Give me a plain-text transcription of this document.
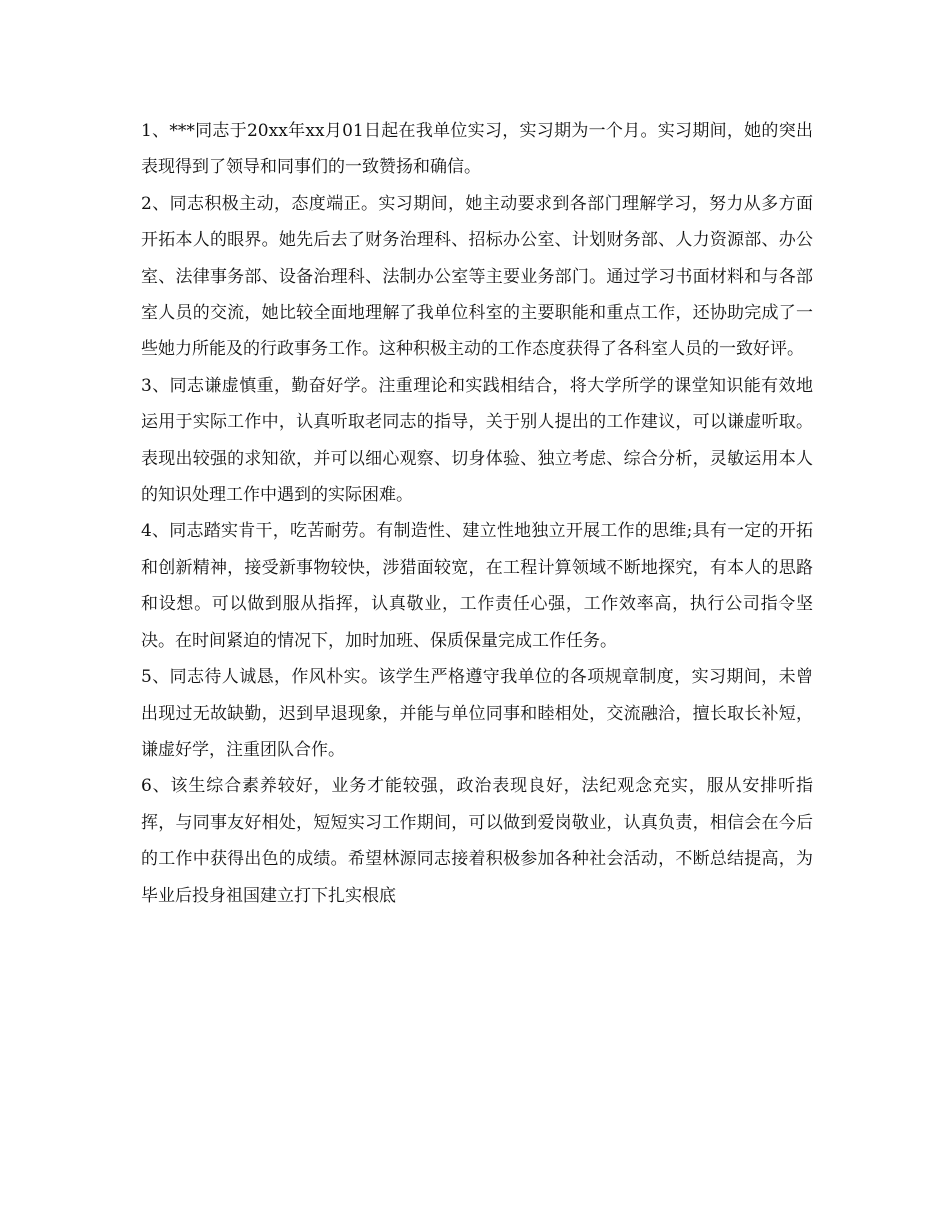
1、***同志于20xx年xx月01日起在我单位实习，实习期为一个月。实习期间，她的突出表现得到了领导和同事们的一致赞扬和确信。

2、同志积极主动，态度端正。实习期间，她主动要求到各部门理解学习，努力从多方面开拓本人的眼界。她先后去了财务治理科、招标办公室、计划财务部、人力资源部、办公室、法律事务部、设备治理科、法制办公室等主要业务部门。通过学习书面材料和与各部室人员的交流，她比较全面地理解了我单位科室的主要职能和重点工作，还协助完成了一些她力所能及的行政事务工作。这种积极主动的工作态度获得了各科室人员的一致好评。

3、同志谦虚慎重，勤奋好学。注重理论和实践相结合，将大学所学的课堂知识能有效地运用于实际工作中，认真听取老同志的指导，关于别人提出的工作建议，可以谦虚听取。表现出较强的求知欲，并可以细心观察、切身体验、独立考虑、综合分析，灵敏运用本人的知识处理工作中遇到的实际困难。

4、同志踏实肯干，吃苦耐劳。有制造性、建立性地独立开展工作的思维;具有一定的开拓和创新精神，接受新事物较快，涉猎面较宽，在工程计算领域不断地探究，有本人的思路和设想。可以做到服从指挥，认真敬业，工作责任心强，工作效率高，执行公司指令坚决。在时间紧迫的情况下，加时加班、保质保量完成工作任务。

5、同志待人诚恳，作风朴实。该学生严格遵守我单位的各项规章制度，实习期间，未曾出现过无故缺勤，迟到早退现象，并能与单位同事和睦相处，交流融洽，擅长取长补短，谦虚好学，注重团队合作。

6、该生综合素养较好，业务才能较强，政治表现良好，法纪观念充实，服从安排听指挥，与同事友好相处，短短实习工作期间，可以做到爱岗敬业，认真负责，相信会在今后的工作中获得出色的成绩。希望林源同志接着积极参加各种社会活动，不断总结提高，为毕业后投身祖国建立打下扎实根底
